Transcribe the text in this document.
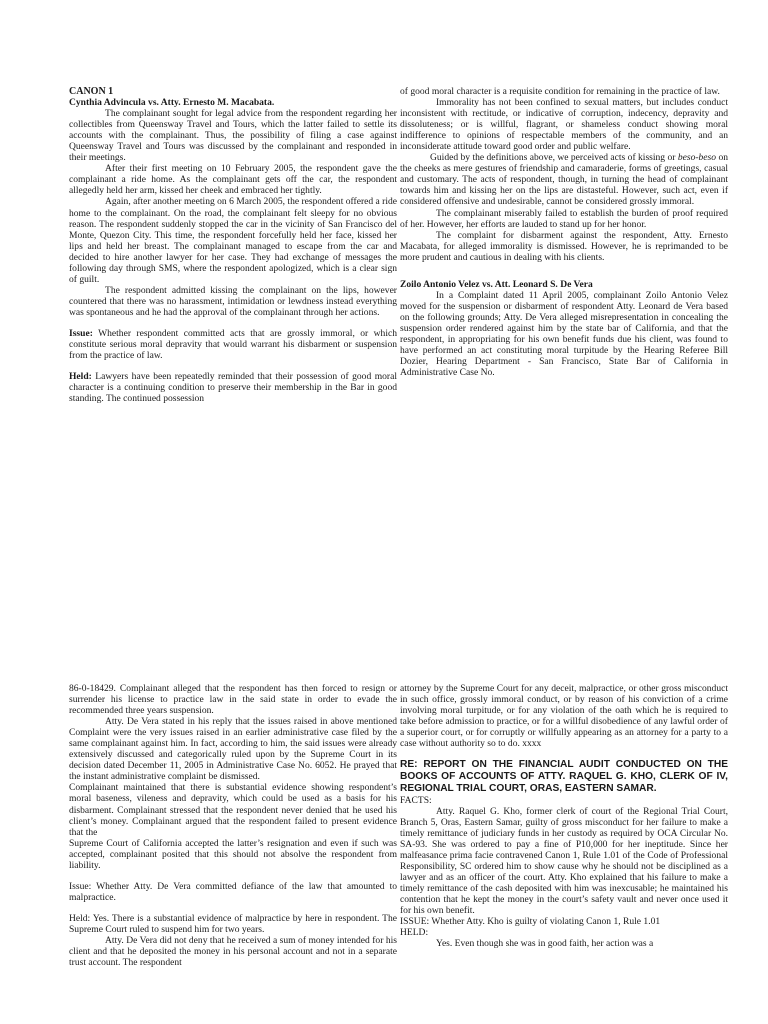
CANON 1

Cynthia Advincula vs. Atty. Ernesto M. Macabata.

The complainant sought for legal advice from the respondent regarding her collectibles from Queensway Travel and Tours, which the latter failed to settle its accounts with the complainant. Thus, the possibility of filing a case against Queensway Travel and Tours was discussed by the complainant and responded in their meetings.

After their first meeting on 10 February 2005, the respondent gave the complainant a ride home. As the complainant gets off the car, the respondent allegedly held her arm, kissed her cheek and embraced her tightly.

Again, after another meeting on 6 March 2005, the respondent offered a ride home to the complainant. On the road, the complainant felt sleepy for no obvious reason. The respondent suddenly stopped the car in the vicinity of San Francisco del Monte, Quezon City. This time, the respondent forcefully held her face, kissed her lips and held her breast. The complainant managed to escape from the car and decided to hire another lawyer for her case. They had exchange of messages the following day through SMS, where the respondent apologized, which is a clear sign of guilt.

The respondent admitted kissing the complainant on the lips, however countered that there was no harassment, intimidation or lewdness instead everything was spontaneous and he had the approval of the complainant through her actions.

Issue: Whether respondent committed acts that are grossly immoral, or which constitute serious moral depravity that would warrant his disbarment or suspension from the practice of law.

Held: Lawyers have been repeatedly reminded that their possession of good moral character is a continuing condition to preserve their membership in the Bar in good standing. The continued possession

of good moral character is a requisite condition for remaining in the practice of law.

Immorality has not been confined to sexual matters, but includes conduct inconsistent with rectitude, or indicative of corruption, indecency, depravity and dissoluteness; or is willful, flagrant, or shameless conduct showing moral indifference to opinions of respectable members of the community, and an inconsiderate attitude toward good order and public welfare.

Guided by the definitions above, we perceived acts of kissing or beso-beso on the cheeks as mere gestures of friendship and camaraderie, forms of greetings, casual and customary. The acts of respondent, though, in turning the head of complainant towards him and kissing her on the lips are distasteful. However, such act, even if considered offensive and undesirable, cannot be considered grossly immoral.

The complainant miserably failed to establish the burden of proof required of her. However, her efforts are lauded to stand up for her honor.

The complaint for disbarment against the respondent, Atty. Ernesto Macabata, for alleged immorality is dismissed. However, he is reprimanded to be more prudent and cautious in dealing with his clients.

Zoilo Antonio Velez vs. Att. Leonard S. De Vera

In a Complaint dated 11 April 2005, complainant Zoilo Antonio Velez moved for the suspension or disbarment of respondent Atty. Leonard de Vera based on the following grounds; Atty. De Vera alleged misrepresentation in concealing the suspension order rendered against him by the state bar of California, and that the respondent, in appropriating for his own benefit funds due his client, was found to have performed an act constituting moral turpitude by the Hearing Referee Bill Dozier, Hearing Department - San Francisco, State Bar of California in Administrative Case No.

86-0-18429. Complainant alleged that the respondent has then forced to resign or surrender his license to practice law in the said state in order to evade the recommended three years suspension.

Atty. De Vera stated in his reply that the issues raised in above mentioned Complaint were the very issues raised in an earlier administrative case filed by the same complainant against him. In fact, according to him, the said issues were already extensively discussed and categorically ruled upon by the Supreme Court in its decision dated December 11, 2005 in Administrative Case No. 6052. He prayed that the instant administrative complaint be dismissed.

Complainant maintained that there is substantial evidence showing respondent’s moral baseness, vileness and depravity, which could be used as a basis for his disbarment. Complainant stressed that the respondent never denied that he used his client’s money. Complainant argued that the respondent failed to present evidence that the

Supreme Court of California accepted the latter’s resignation and even if such was accepted, complainant posited that this should not absolve the respondent from liability.

Issue: Whether Atty. De Vera committed defiance of the law that amounted to malpractice.

Held: Yes. There is a substantial evidence of malpractice by here in respondent. The Supreme Court ruled to suspend him for two years.

Atty. De Vera did not deny that he received a sum of money intended for his client and that he deposited the money in his personal account and not in a separate trust account. The respondent

attorney by the Supreme Court for any deceit, malpractice, or other gross misconduct in such office, grossly immoral conduct, or by reason of his conviction of a crime involving moral turpitude, or for any violation of the oath which he is required to take before admission to practice, or for a willful disobedience of any lawful order of a superior court, or for corruptly or willfully appearing as an attorney for a party to a case without authority so to do. xxxx

RE: REPORT ON THE FINANCIAL AUDIT CONDUCTED ON THE BOOKS OF ACCOUNTS OF ATTY. RAQUEL G. KHO, CLERK OF IV, REGIONAL TRIAL COURT, ORAS, EASTERN SAMAR.

FACTS:

Atty. Raquel G. Kho, former clerk of court of the Regional Trial Court, Branch 5, Oras, Eastern Samar, guilty of gross misconduct for her failure to make a timely remittance of judiciary funds in her custody as required by OCA Circular No. SA-93. She was ordered to pay a fine of P10,000 for her ineptitude. Since her malfeasance prima facie contravened Canon 1, Rule 1.01 of the Code of Professional Responsibility, SC ordered him to show cause why he should not be disciplined as a lawyer and as an officer of the court. Atty. Kho explained that his failure to make a timely remittance of the cash deposited with him was inexcusable; he maintained his contention that he kept the money in the court’s safety vault and never once used it for his own benefit.

ISSUE: Whether Atty. Kho is guilty of violating Canon 1, Rule 1.01

HELD:

Yes. Even though she was in good faith, her action was a
